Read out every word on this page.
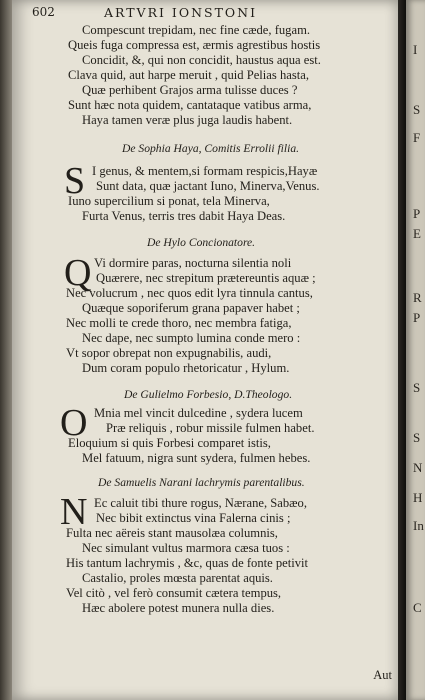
602	ARTVRI IONSTONI
Compescunt trepidam, nec fine cæde, fugam.
Queis fuga compressa est, ærmis agrestibus hostis
Concidit, &, qui non concidit, haustus aqua est.
Clava quid, aut harpe meruit , quid Pelias hasta,
Quæ perhibent Grajos arma tulisse duces ?
Sunt hæc nota quidem, cantataque vatibus arma,
Haya tamen veræ plus juga laudis habent.
De Sophia Haya, Comitis Errolii filia.
S I genus, & mentem,si formam respicis,Hayæ
Sunt data, quæ jactant Iuno, Minerva,Venus.
Iuno supercilium si ponat, tela Minerva,
Furta Venus, terris tres dabit Haya Deas.
De Hylo Concionatore.
Q Vi dormire paras, nocturna silentia noli
Quærere, nec strepitum prætereuntis aquæ ;
Nec volucrum , nec quos edit lyra tinnula cantus,
Quæque soporiferum grana papaver habet ;
Nec molli te crede thoro, nec membra fatiga,
Nec dape, nec sumpto lumina conde mero :
Vt sopor obrepat non expugnabilis, audi,
Dum coram populo rhetoricatur , Hylum.
De Gulielmo Forbesio, D.Theologo.
O Mnia mel vincit dulcedine , sydera lucem
Præ reliquis , robur missile fulmen habet.
Eloquium si quis Forbesi comparet istis,
Mel fatuum, nigra sunt sydera, fulmen hebes.
De Samuelis Narani lachrymis parentalibus.
N Ec caluit tibi thure rogus, Nærane, Sabæo,
Nec bibit extinctus vina Falerna cinis ;
Fulta nec aëreis stant mausolæa columnis,
Nec simulant vultus marmora cæsa tuos :
His tantum lachrymis , &c, quas de fonte petivit
Castalio, proles mœsta parentat aquis.
Vel citò , vel ferò consumit cætera tempus,
Hæc abolere potest munera nulla dies.
Aut
I
S
F
P
E
R
P
S
S
N
H
In
C
